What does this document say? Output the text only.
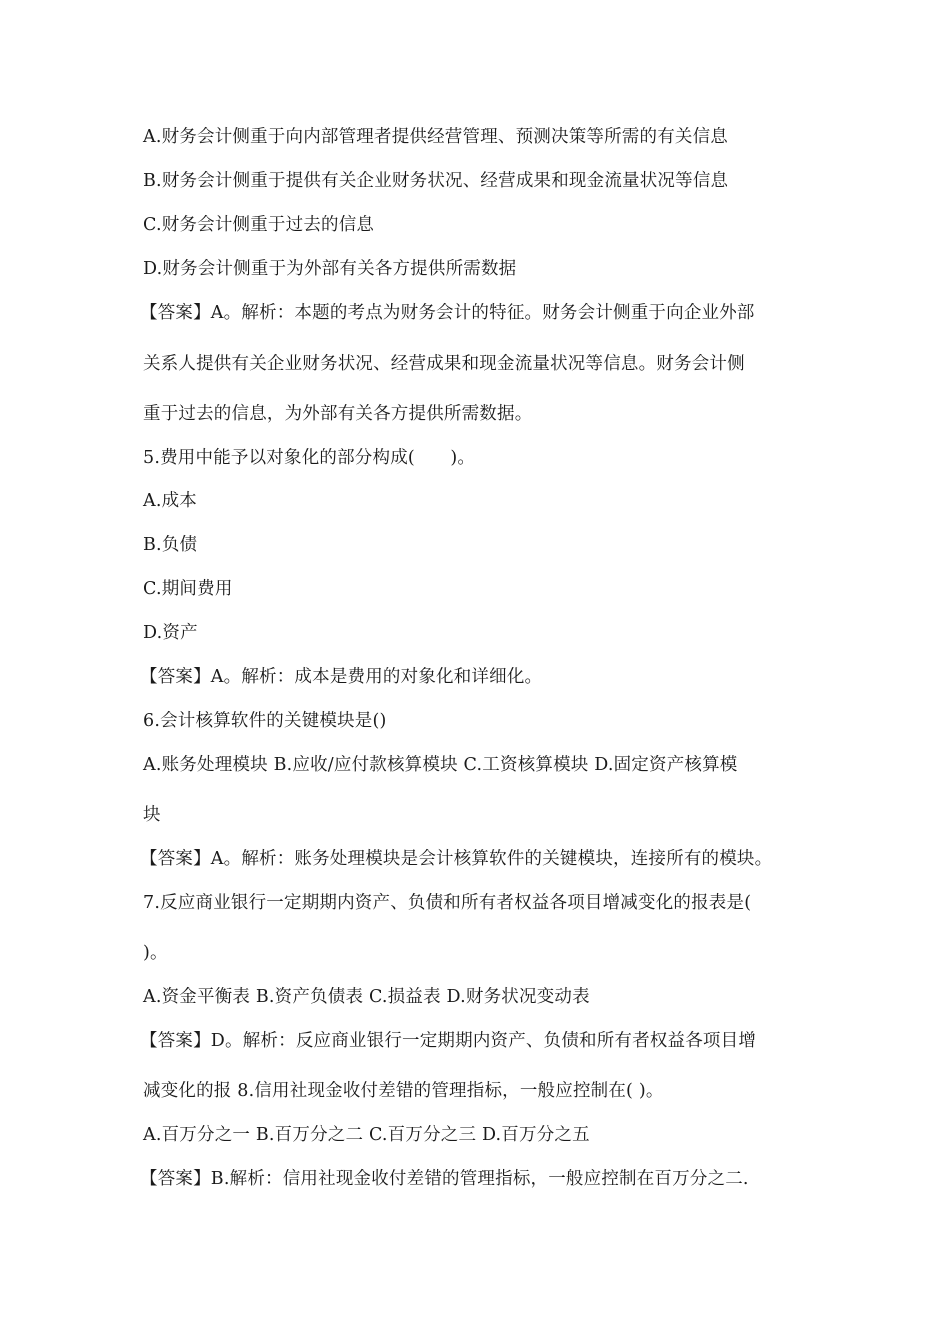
A.财务会计侧重于向内部管理者提供经营管理、预测决策等所需的有关信息
B.财务会计侧重于提供有关企业财务状况、经营成果和现金流量状况等信息
C.财务会计侧重于过去的信息
D.财务会计侧重于为外部有关各方提供所需数据
【答案】A。解析：本题的考点为财务会计的特征。财务会计侧重于向企业外部
关系人提供有关企业财务状况、经营成果和现金流量状况等信息。财务会计侧
重于过去的信息，为外部有关各方提供所需数据。
5.费用中能予以对象化的部分构成(　　)。
A.成本
B.负债
C.期间费用
D.资产
【答案】A。解析：成本是费用的对象化和详细化。
6.会计核算软件的关键模块是()
A.账务处理模块 B.应收/应付款核算模块 C.工资核算模块 D.固定资产核算模
块
【答案】A。解析：账务处理模块是会计核算软件的关键模块，连接所有的模块。
7.反应商业银行一定期期内资产、负债和所有者权益各项目增减变化的报表是(
)。
A.资金平衡表 B.资产负债表 C.损益表 D.财务状况变动表
【答案】D。解析：反应商业银行一定期期内资产、负债和所有者权益各项目增
减变化的报 8.信用社现金收付差错的管理指标，一般应控制在( )。
A.百万分之一 B.百万分之二 C.百万分之三 D.百万分之五
【答案】B.解析：信用社现金收付差错的管理指标，一般应控制在百万分之二.
